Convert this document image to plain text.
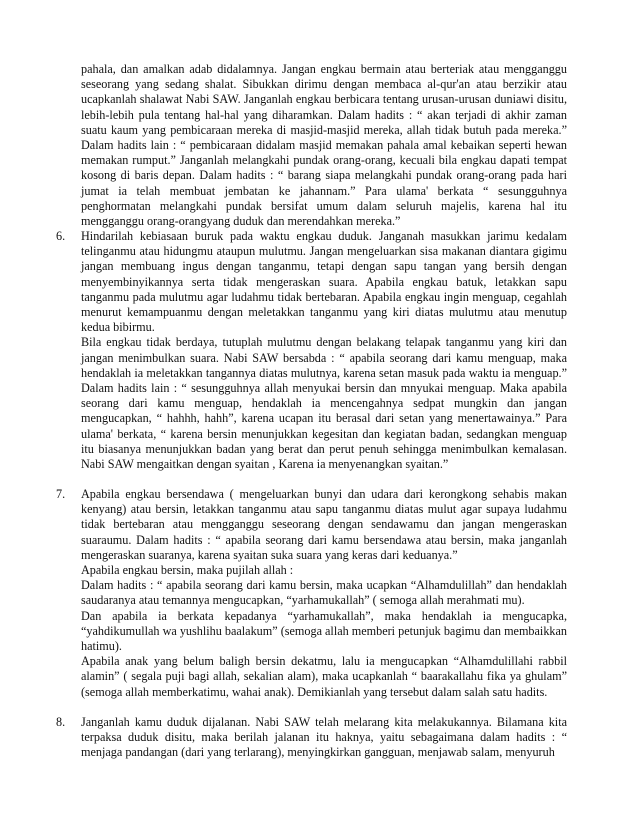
pahala, dan amalkan adab didalamnya. Jangan engkau bermain atau berteriak atau mengganggu seseorang yang sedang shalat. Sibukkan dirimu dengan membaca al-qur'an atau berzikir atau ucapkanlah shalawat Nabi SAW. Janganlah engkau berbicara tentang urusan-urusan duniawi disitu, lebih-lebih pula tentang hal-hal yang diharamkan. Dalam hadits : “ akan terjadi di akhir zaman suatu kaum yang pembicaraan mereka di masjid-masjid mereka, allah tidak butuh pada mereka.” Dalam hadits lain : “ pembicaraan didalam masjid memakan pahala amal kebaikan seperti hewan memakan rumput.” Janganlah melangkahi pundak orang-orang, kecuali bila engkau dapati tempat kosong di baris depan. Dalam hadits : “ barang siapa melangkahi pundak orang-orang pada hari jumat ia telah membuat jembatan ke jahannam.” Para ulama' berkata “ sesungguhnya penghormatan melangkahi pundak bersifat umum dalam seluruh majelis, karena hal itu mengganggu orang-orangyang duduk dan merendahkan mereka.”

6.	Hindarilah kebiasaan buruk pada waktu engkau duduk. Janganah masukkan jarimu kedalam telinganmu atau hidungmu ataupun mulutmu. Jangan mengeluarkan sisa makanan diantara gigimu jangan membuang ingus dengan tanganmu, tetapi dengan sapu tangan yang bersih dengan menyembinyikannya serta tidak mengeraskan suara. Apabila engkau batuk, letakkan sapu tanganmu pada mulutmu agar ludahmu tidak bertebaran. Apabila engkau ingin menguap, cegahlah menurut kemampuanmu dengan meletakkan tanganmu yang kiri diatas mulutmu atau menutup kedua bibirmu.

Bila engkau tidak berdaya, tutuplah mulutmu dengan belakang telapak tanganmu yang kiri dan jangan menimbulkan suara. Nabi SAW bersabda : “ apabila seorang dari kamu menguap, maka hendaklah ia meletakkan tangannya diatas mulutnya, karena setan masuk pada waktu ia menguap.” Dalam hadits lain : “ sesungguhnya allah menyukai bersin dan mnyukai menguap. Maka apabila seorang dari kamu menguap, hendaklah ia mencengahnya sedpat mungkin dan jangan mengucapkan, “ hahhh, hahh”, karena ucapan itu berasal dari setan yang menertawainya.” Para ulama' berkata, “ karena bersin menunjukkan kegesitan dan kegiatan badan, sedangkan menguap itu biasanya menunjukkan badan yang berat dan perut penuh sehingga menimbulkan kemalasan. Nabi SAW mengaitkan dengan syaitan , Karena ia menyenangkan syaitan.”

7.	Apabila engkau bersendawa ( mengeluarkan bunyi dan udara dari kerongkong sehabis makan kenyang) atau bersin, letakkan tanganmu atau sapu tanganmu diatas mulut agar supaya ludahmu tidak bertebaran atau mengganggu seseorang dengan sendawamu dan jangan mengeraskan suaraumu. Dalam hadits : “ apabila seorang dari kamu bersendawa atau bersin, maka janganlah mengeraskan suaranya, karena syaitan suka suara yang keras dari keduanya.”

Apabila engkau bersin, maka pujilah allah :

Dalam hadits : “ apabila seorang dari kamu bersin, maka ucapkan “Alhamdulillah” dan hendaklah saudaranya atau temannya mengucapkan, “yarhamukallah” ( semoga allah merahmati mu).

Dan apabila ia berkata kepadanya “yarhamukallah”, maka hendaklah ia mengucapka, “yahdikumullah wa yushlihu baalakum” (semoga allah memberi petunjuk bagimu dan membaikkan hatimu).

Apabila anak yang belum baligh bersin dekatmu, lalu ia mengucapkan “Alhamdulillahi rabbil alamin” ( segala puji bagi allah, sekalian alam), maka ucapkanlah “ baarakallahu fika ya ghulam” (semoga allah memberkatimu, wahai anak). Demikianlah yang tersebut dalam salah satu hadits.

8.	Janganlah kamu duduk dijalanan. Nabi SAW telah melarang kita melakukannya. Bilamana kita terpaksa duduk disitu, maka berilah jalanan itu haknya, yaitu sebagaimana dalam hadits : “ menjaga pandangan (dari yang terlarang), menyingkirkan gangguan, menjawab salam, menyuruh
